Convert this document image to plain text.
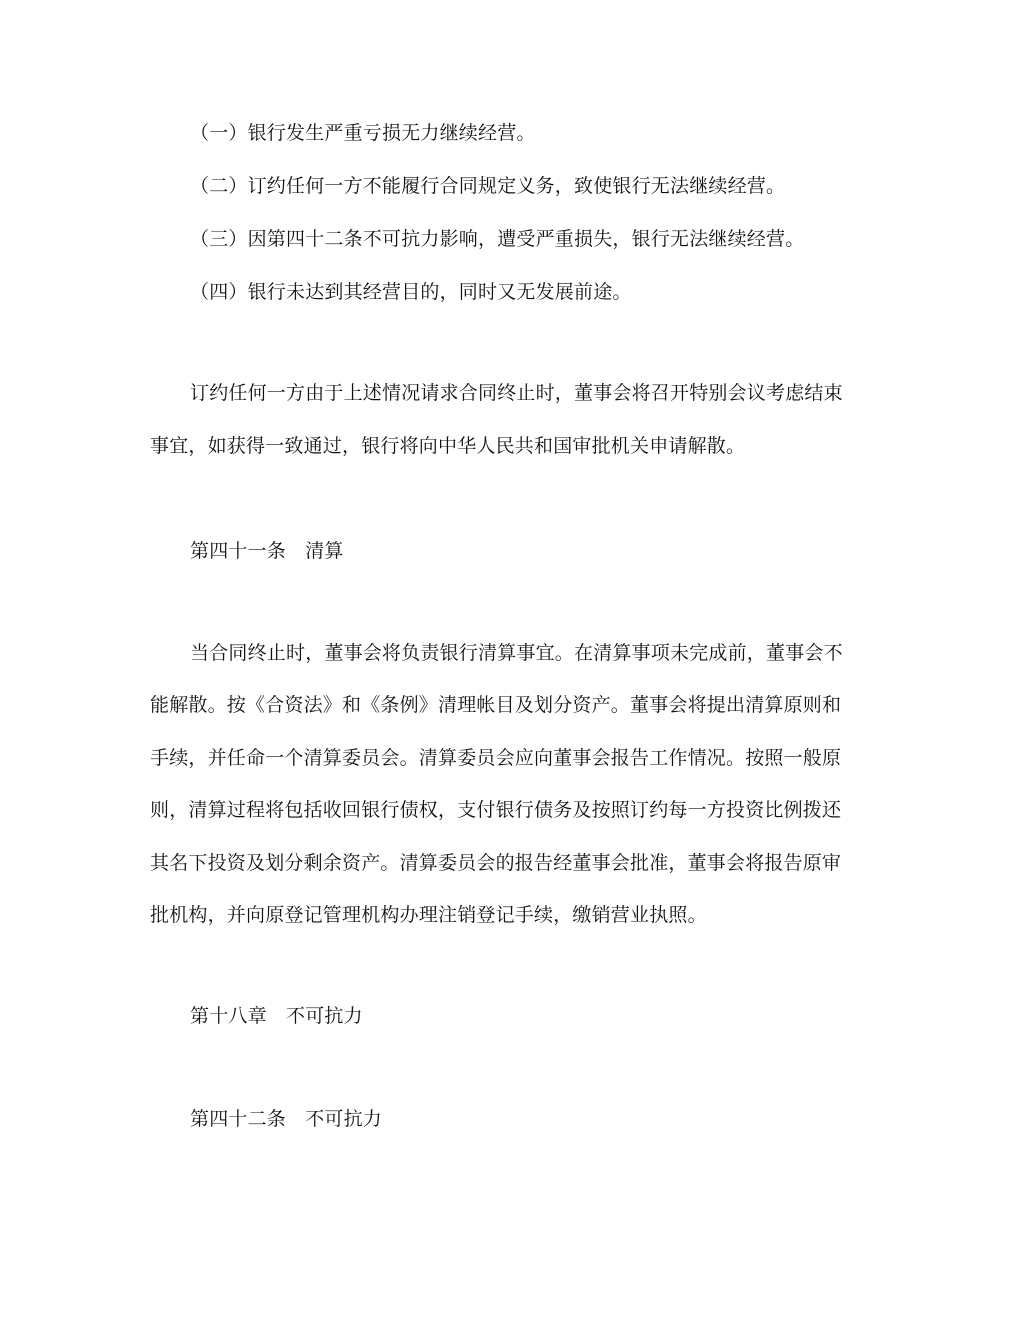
（一）银行发生严重亏损无力继续经营。
（二）订约任何一方不能履行合同规定义务，致使银行无法继续经营。
（三）因第四十二条不可抗力影响，遭受严重损失，银行无法继续经营。
（四）银行未达到其经营目的，同时又无发展前途。
订约任何一方由于上述情况请求合同终止时，董事会将召开特别会议考虑结束
事宜，如获得一致通过，银行将向中华人民共和国审批机关申请解散。
第四十一条　清算
当合同终止时，董事会将负责银行清算事宜。在清算事项未完成前，董事会不
能解散。按《合资法》和《条例》清理帐目及划分资产。董事会将提出清算原则和
手续，并任命一个清算委员会。清算委员会应向董事会报告工作情况。按照一般原
则，清算过程将包括收回银行债权，支付银行债务及按照订约每一方投资比例拨还
其名下投资及划分剩余资产。清算委员会的报告经董事会批准，董事会将报告原审
批机构，并向原登记管理机构办理注销登记手续，缴销营业执照。
第十八章　不可抗力
第四十二条　不可抗力
